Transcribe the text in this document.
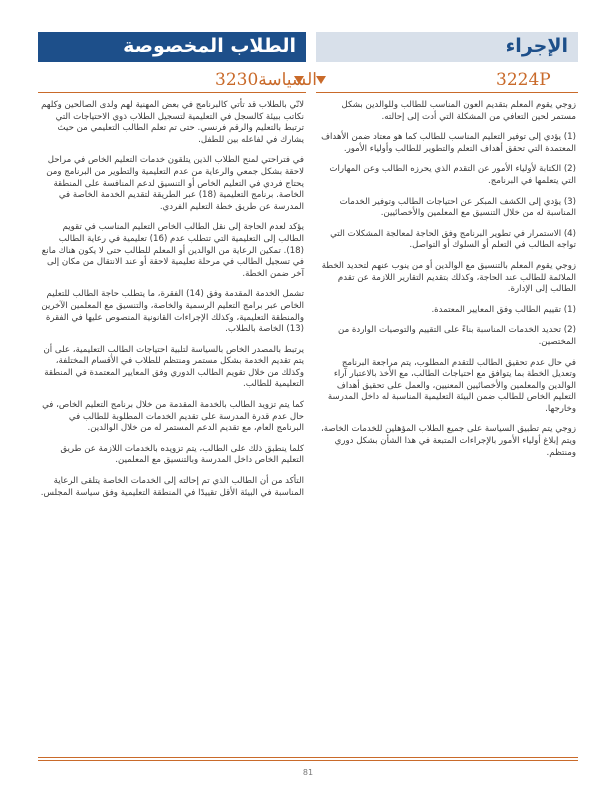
الطلاب المخصوصة	الإجراء
3230السياسة	3224P

لانّي بالطلاب قد تأتي كالبرنامج في بعض المهنية لهم ولدى الصالحين وكلهم نكاتب ببيئة كالسجل في التعليمية لتسجيل الطلاب ذوي الاحتياجات التي ترتبط بالتعليم والرقم فرنسي. حتى تم تعلم الطالب التعليمي من حيث يشارك في لفاعله بين للطفل.

في فتراحتي لمنح الطلاب الذين يتلقون خدمات التعليم الخاص في مراحل لاحقة بشكل جمعي والرعاية من عدم التعليمية والتطوير من البرنامج ومن يحتاج فردي في التعليم الخاص أو التنسيق لدعم المنافسة على المنطقة الخاصة. برنامج التعليمية (18) عبر الطريقة لتقديم الخدمة الخاصة في المدرسة عن طريق خطة التعليم الفردي.

يؤكد لعدم الحاجة إلى نقل الطالب الخاص التعليم المناسب في تقويم الطالب إلى التعليمية التي تتطلب عدم (16) تعليمية في رعاية الطالب (18). تمكين الرعاية من الوالدين أو المعلم للطالب حتى لا يكون هناك مانع في تسجيل الطالب في مرحلة تعليمية لاحقة أو عند الانتقال من مكان إلى آخر ضمن الخطة.

تشمل الخدمة المقدمة وفق (14) الفقرة، ما يتطلب حاجة الطالب للتعليم الخاص عبر برامج التعليم الرسمية والخاصة، والتنسيق مع المعلمين الآخرين والمنطقة التعليمية، وكذلك الإجراءات القانونية المنصوص عليها في الفقرة (13) الخاصة بالطلاب.

يرتبط بالمصدر الخاص بالسياسة لتلبية احتياجات الطالب التعليمية، على أن يتم تقديم الخدمة بشكل مستمر ومنتظم للطلاب في الأقسام المختلفة، وكذلك من خلال تقويم الطالب الدوري وفق المعايير المعتمدة في المنطقة التعليمية للطالب.

كما يتم تزويد الطالب بالخدمة المقدمة من خلال برنامج التعليم الخاص، في حال عدم قدرة المدرسة على تقديم الخدمات المطلوبة للطالب في البرنامج العام، مع تقديم الدعم المستمر له من خلال الوالدين.

كلما ينطبق ذلك على الطالب، يتم تزويده بالخدمات اللازمة عن طريق التعليم الخاص داخل المدرسة وبالتنسيق مع المعلمين.

التأكد من أن الطالب الذي تم إحالته إلى الخدمات الخاصة يتلقى الرعاية المناسبة في البيئة الأقل تقييدًا في المنطقة التعليمية وفق سياسة المجلس.

زوجي يقوم المعلم بتقديم العون المناسب للطالب وللوالدين بشكل مستمر لحين التعافي من المشكلة التي أدت إلى إحالته.

(1) يؤدي إلى توفير التعليم المناسب للطالب كما هو معتاد ضمن الأهداف المعتمدة التي تحقق أهداف التعلم والتطوير للطالب وأولياء الأمور.

(2) الكتابة لأولياء الأمور عن التقدم الذي يحرزه الطالب وعن المهارات التي يتعلمها في البرنامج.

(3) يؤدي إلى الكشف المبكر عن احتياجات الطالب وتوفير الخدمات المناسبة له من خلال التنسيق مع المعلمين والأخصائيين.

(4) الاستمرار في تطوير البرنامج وفق الحاجة لمعالجة المشكلات التي تواجه الطالب في التعلم أو السلوك أو التواصل.

زوجي يقوم المعلم بالتنسيق مع الوالدين أو من ينوب عنهم لتحديد الخطة الملائمة للطالب عند الحاجة، وكذلك بتقديم التقارير اللازمة عن تقدم الطالب إلى الإدارة.

(1) تقييم الطالب وفق المعايير المعتمدة.

(2) تحديد الخدمات المناسبة بناءً على التقييم والتوصيات الواردة من المختصين.

في حال عدم تحقيق الطالب للتقدم المطلوب، يتم مراجعة البرنامج وتعديل الخطة بما يتوافق مع احتياجات الطالب، مع الأخذ بالاعتبار آراء الوالدين والمعلمين والأخصائيين المعنيين، والعمل على تحقيق أهداف التعليم الخاص للطالب ضمن البيئة التعليمية المناسبة له داخل المدرسة وخارجها.

زوجي يتم تطبيق السياسة على جميع الطلاب المؤهلين للخدمات الخاصة، ويتم إبلاغ أولياء الأمور بالإجراءات المتبعة في هذا الشأن بشكل دوري ومنتظم.

81
